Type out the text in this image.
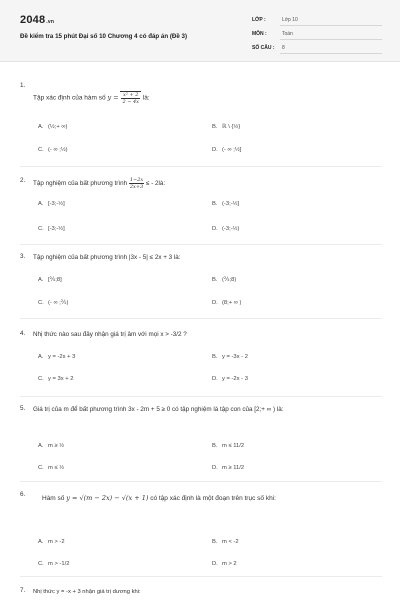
2048.vn
Đề kiểm tra 15 phút Đại số 10 Chương 4 có đáp án (Đề 3)
LỚP :	Lớp 10
MÔN :	Toán
SỐ CÂU : 8
1.
Tập xác định của hàm số $y = \frac{\text{x² + 2}}{2 - 4x}$ là:
A. (½;+ ∞)	B. ℝ \ {½}
C. (- ∞ ;½)	D. (- ∞ ;½]
2. Tập nghiệm của bất phương trình $\frac{1-2x}{2x+3}$ ≤ - 2là:
A. [-3;-½]	B. (-3;-½]
C. [-3;-½]	D. (-3;-½)
3. Tập nghiệm của bất phương trình |3x - 5| ≤ 2x + 3 là:
A. [⅖;8]	B. (⅖;8)
C. (- ∞ ;⅖)	D. (8;+ ∞ )
4. Nhị thức nào sau đây nhận giá trị âm với mọi x > -3/2 ?
A. y = -2x + 3	B. y = -3x - 2
C. y = 3x + 2	D. y = -2x - 3
5. Giá trị của m để bất phương trình 3x - 2m + 5 ≥ 0 có tập nghiệm là tập con của [2;+ ∞ ) là:
A. m ≥ ½	B. m ≤ 11/2
C. m ≤ ½	D. m ≥ 11/2
6.
Hàm số y = √(m − 2x) − √(x + 1) có tập xác định là một đoạn trên trục số khi:
A. m > -2	B. m < -2
C. m > -1/2	D. m > 2
7. Nhị thức y = -x + 3 nhận giá trị dương khi:
